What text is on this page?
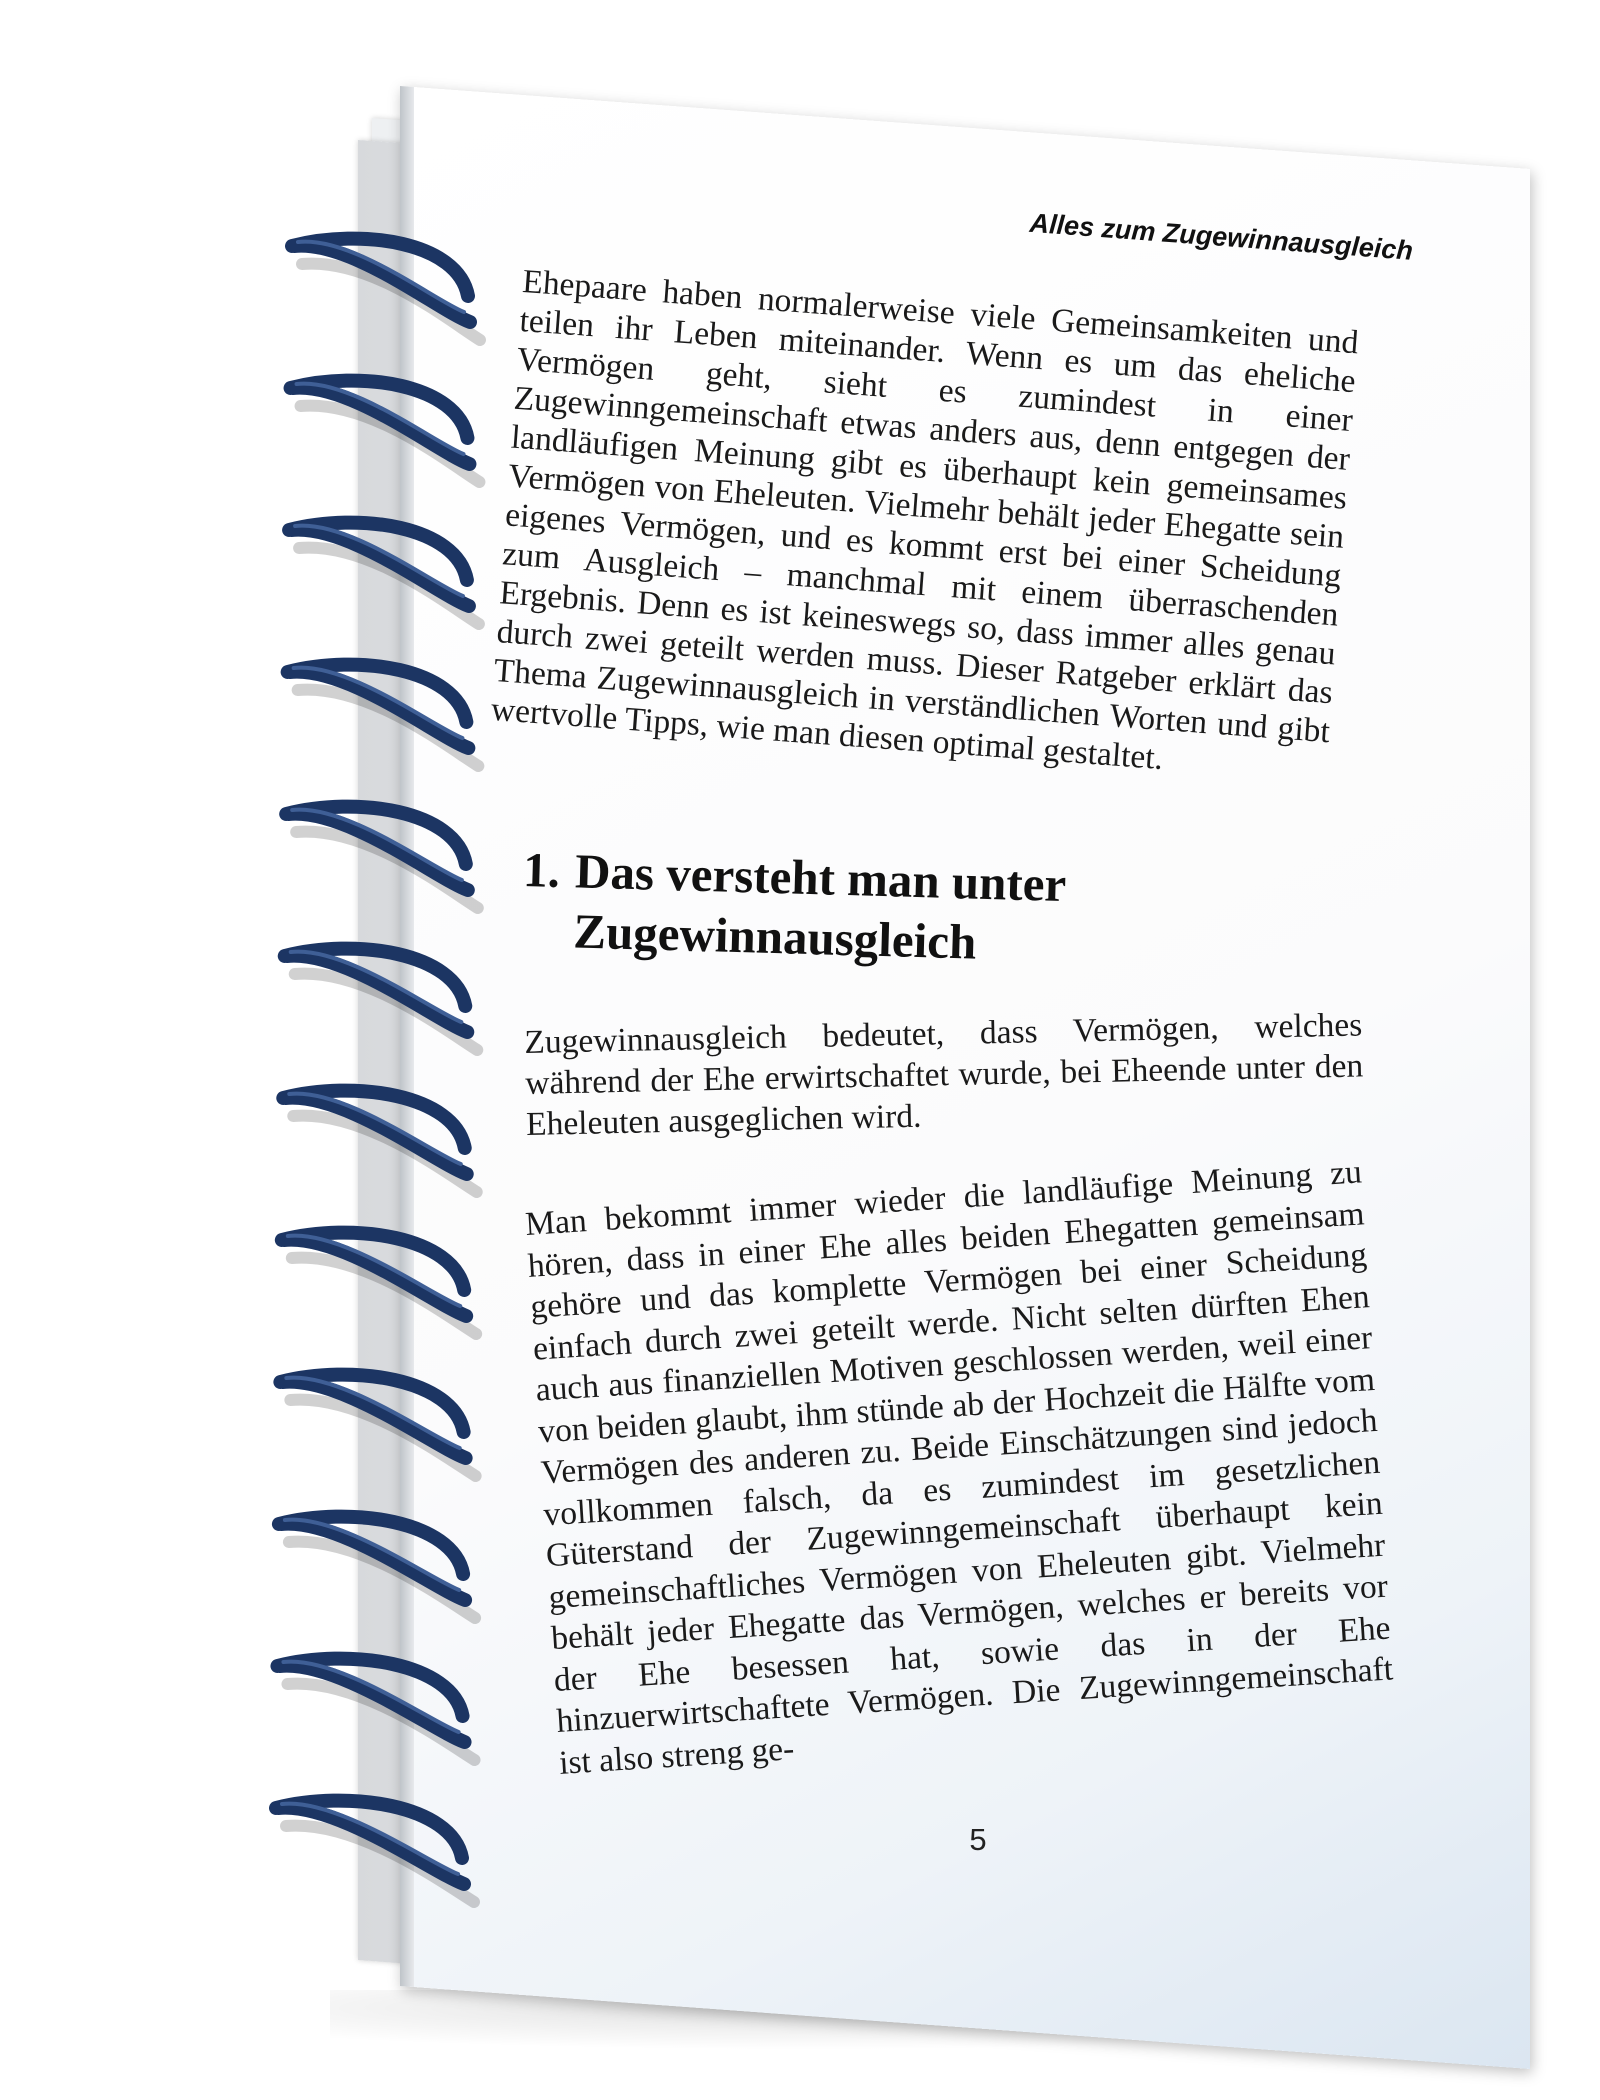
Alles zum Zugewinnausgleich
Ehepaare haben normalerweise viele Gemeinsamkeiten und teilen ihr Leben miteinander. Wenn es um das eheliche Vermögen geht, sieht es zumindest in einer Zugewinngemeinschaft etwas anders aus, denn entgegen der landläufigen Meinung gibt es überhaupt kein gemeinsames Vermögen von Eheleuten. Vielmehr behält jeder Ehegatte sein eigenes Vermögen, und es kommt erst bei einer Scheidung zum Ausgleich – manchmal mit einem überraschenden Ergebnis. Denn es ist keineswegs so, dass immer alles genau durch zwei geteilt werden muss. Dieser Ratgeber erklärt das Thema Zugewinnausgleich in verständlichen Worten und gibt wertvolle Tipps, wie man diesen optimal gestaltet.
1. Das versteht man unter
Zugewinnausgleich
Zugewinnausgleich bedeutet, dass Vermögen, welches während der Ehe erwirtschaftet wurde, bei Eheende unter den Eheleuten ausgeglichen wird.
Man bekommt immer wieder die landläufige Meinung zu hören, dass in einer Ehe alles beiden Ehegatten gemeinsam gehöre und das komplette Vermögen bei einer Scheidung einfach durch zwei geteilt werde. Nicht selten dürften Ehen auch aus finanziellen Motiven geschlossen werden, weil einer von beiden glaubt, ihm stünde ab der Hochzeit die Hälfte vom Vermögen des anderen zu. Beide Einschätzungen sind jedoch vollkommen falsch, da es zumindest im gesetzlichen Güterstand der Zugewinngemeinschaft überhaupt kein gemeinschaftliches Vermögen von Eheleuten gibt. Vielmehr behält jeder Ehegatte das Vermögen, welches er bereits vor der Ehe besessen hat, sowie das in der Ehe hinzuerwirtschaftete Vermögen. Die Zugewinngemeinschaft ist also streng ge-
5
